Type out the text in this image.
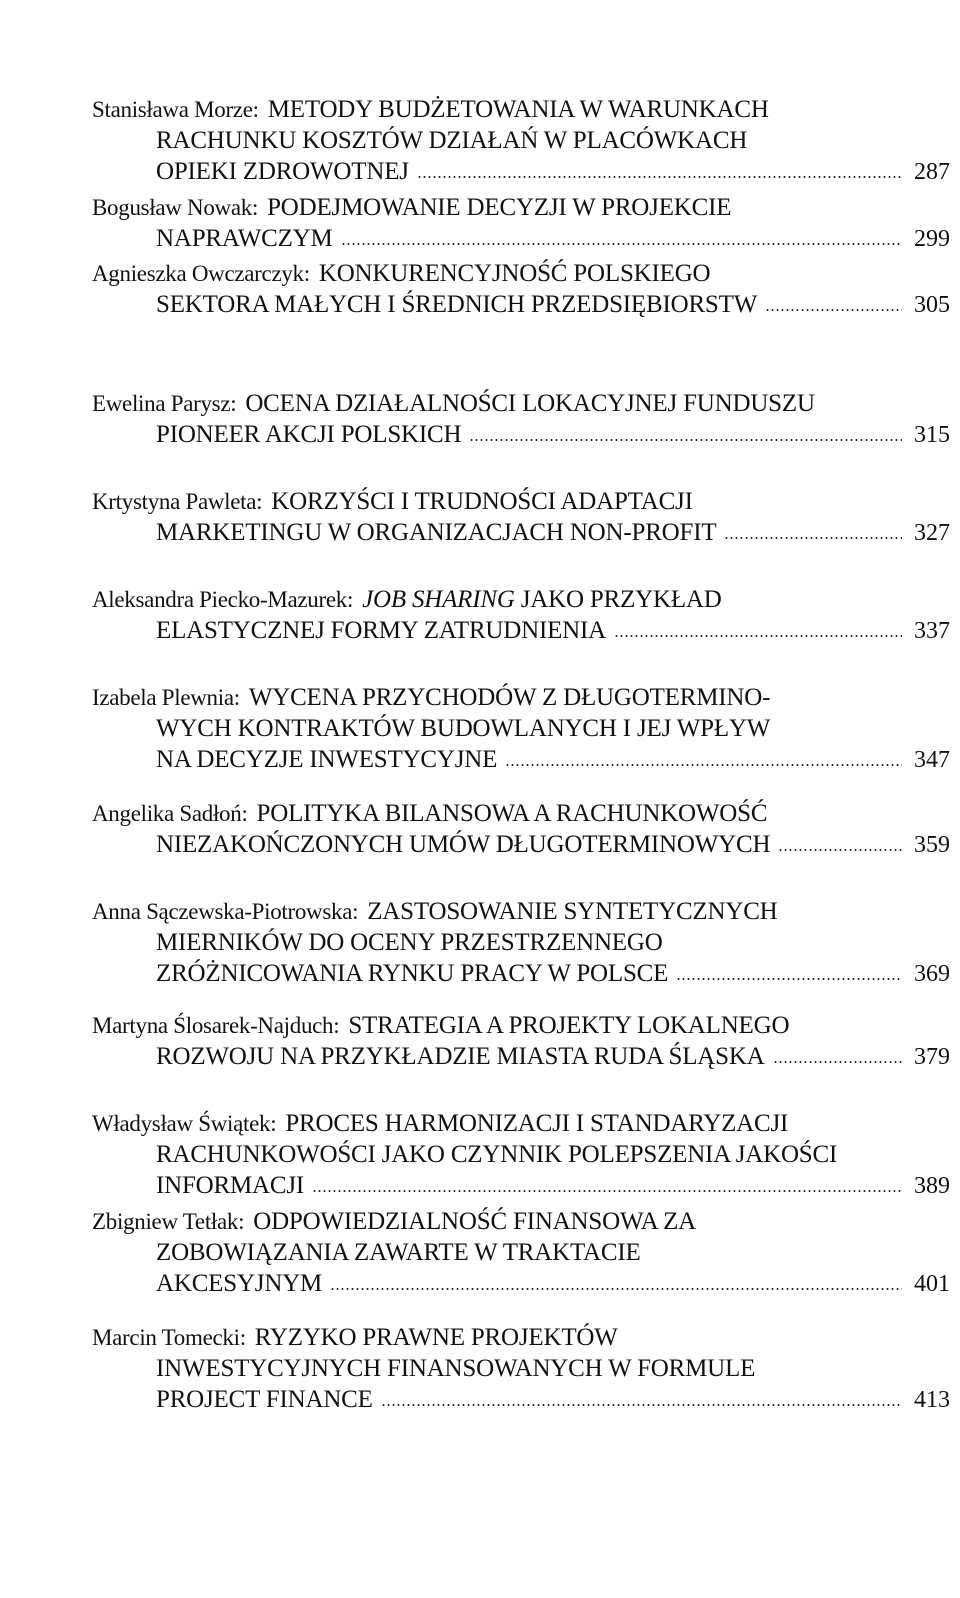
Stanisława Morze: METODY BUDŻETOWANIA W WARUNKACH
RACHUNKU KOSZTÓW DZIAŁAŃ W PLACÓWKACH
OPIEKI ZDROWOTNEJ	287
Bogusław Nowak: PODEJMOWANIE DECYZJI W PROJEKCIE
NAPRAWCZYM	299
Agnieszka Owczarczyk: KONKURENCYJNOŚĆ POLSKIEGO
SEKTORA MAŁYCH I ŚREDNICH PRZEDSIĘBIORSTW	305
Ewelina Parysz: OCENA DZIAŁALNOŚCI LOKACYJNEJ FUNDUSZU
PIONEER AKCJI POLSKICH	315
Krtystyna Pawleta: KORZYŚCI I TRUDNOŚCI ADAPTACJI
MARKETINGU W ORGANIZACJACH NON-PROFIT	327
Aleksandra Piecko-Mazurek: JOB SHARING JAKO PRZYKŁAD
ELASTYCZNEJ FORMY ZATRUDNIENIA	337
Izabela Plewnia: WYCENA PRZYCHODÓW Z DŁUGOTERMINO-
WYCH KONTRAKTÓW BUDOWLANYCH I JEJ WPŁYW
NA DECYZJE INWESTYCYJNE	347
Angelika Sadłoń: POLITYKA BILANSOWA A RACHUNKOWOŚĆ
NIEZAKOŃCZONYCH UMÓW DŁUGOTERMINOWYCH	359
Anna Sączewska-Piotrowska: ZASTOSOWANIE SYNTETYCZNYCH
MIERNIKÓW DO OCENY PRZESTRZENNEGO
ZRÓŻNICOWANIA RYNKU PRACY W POLSCE	369
Martyna Ślosarek-Najduch: STRATEGIA A PROJEKTY LOKALNEGO
ROZWOJU NA PRZYKŁADZIE MIASTA RUDA ŚLĄSKA	379
Władysław Świątek: PROCES HARMONIZACJI I STANDARYZACJI
RACHUNKOWOŚCI JAKO CZYNNIK POLEPSZENIA JAKOŚCI
INFORMACJI	389
Zbigniew Tetłak: ODPOWIEDZIALNOŚĆ FINANSOWA ZA
ZOBOWIĄZANIA ZAWARTE W TRAKTACIE
AKCESYJNYM	401
Marcin Tomecki: RYZYKO PRAWNE PROJEKTÓW
INWESTYCYJNYCH FINANSOWANYCH W FORMULE
PROJECT FINANCE	413
